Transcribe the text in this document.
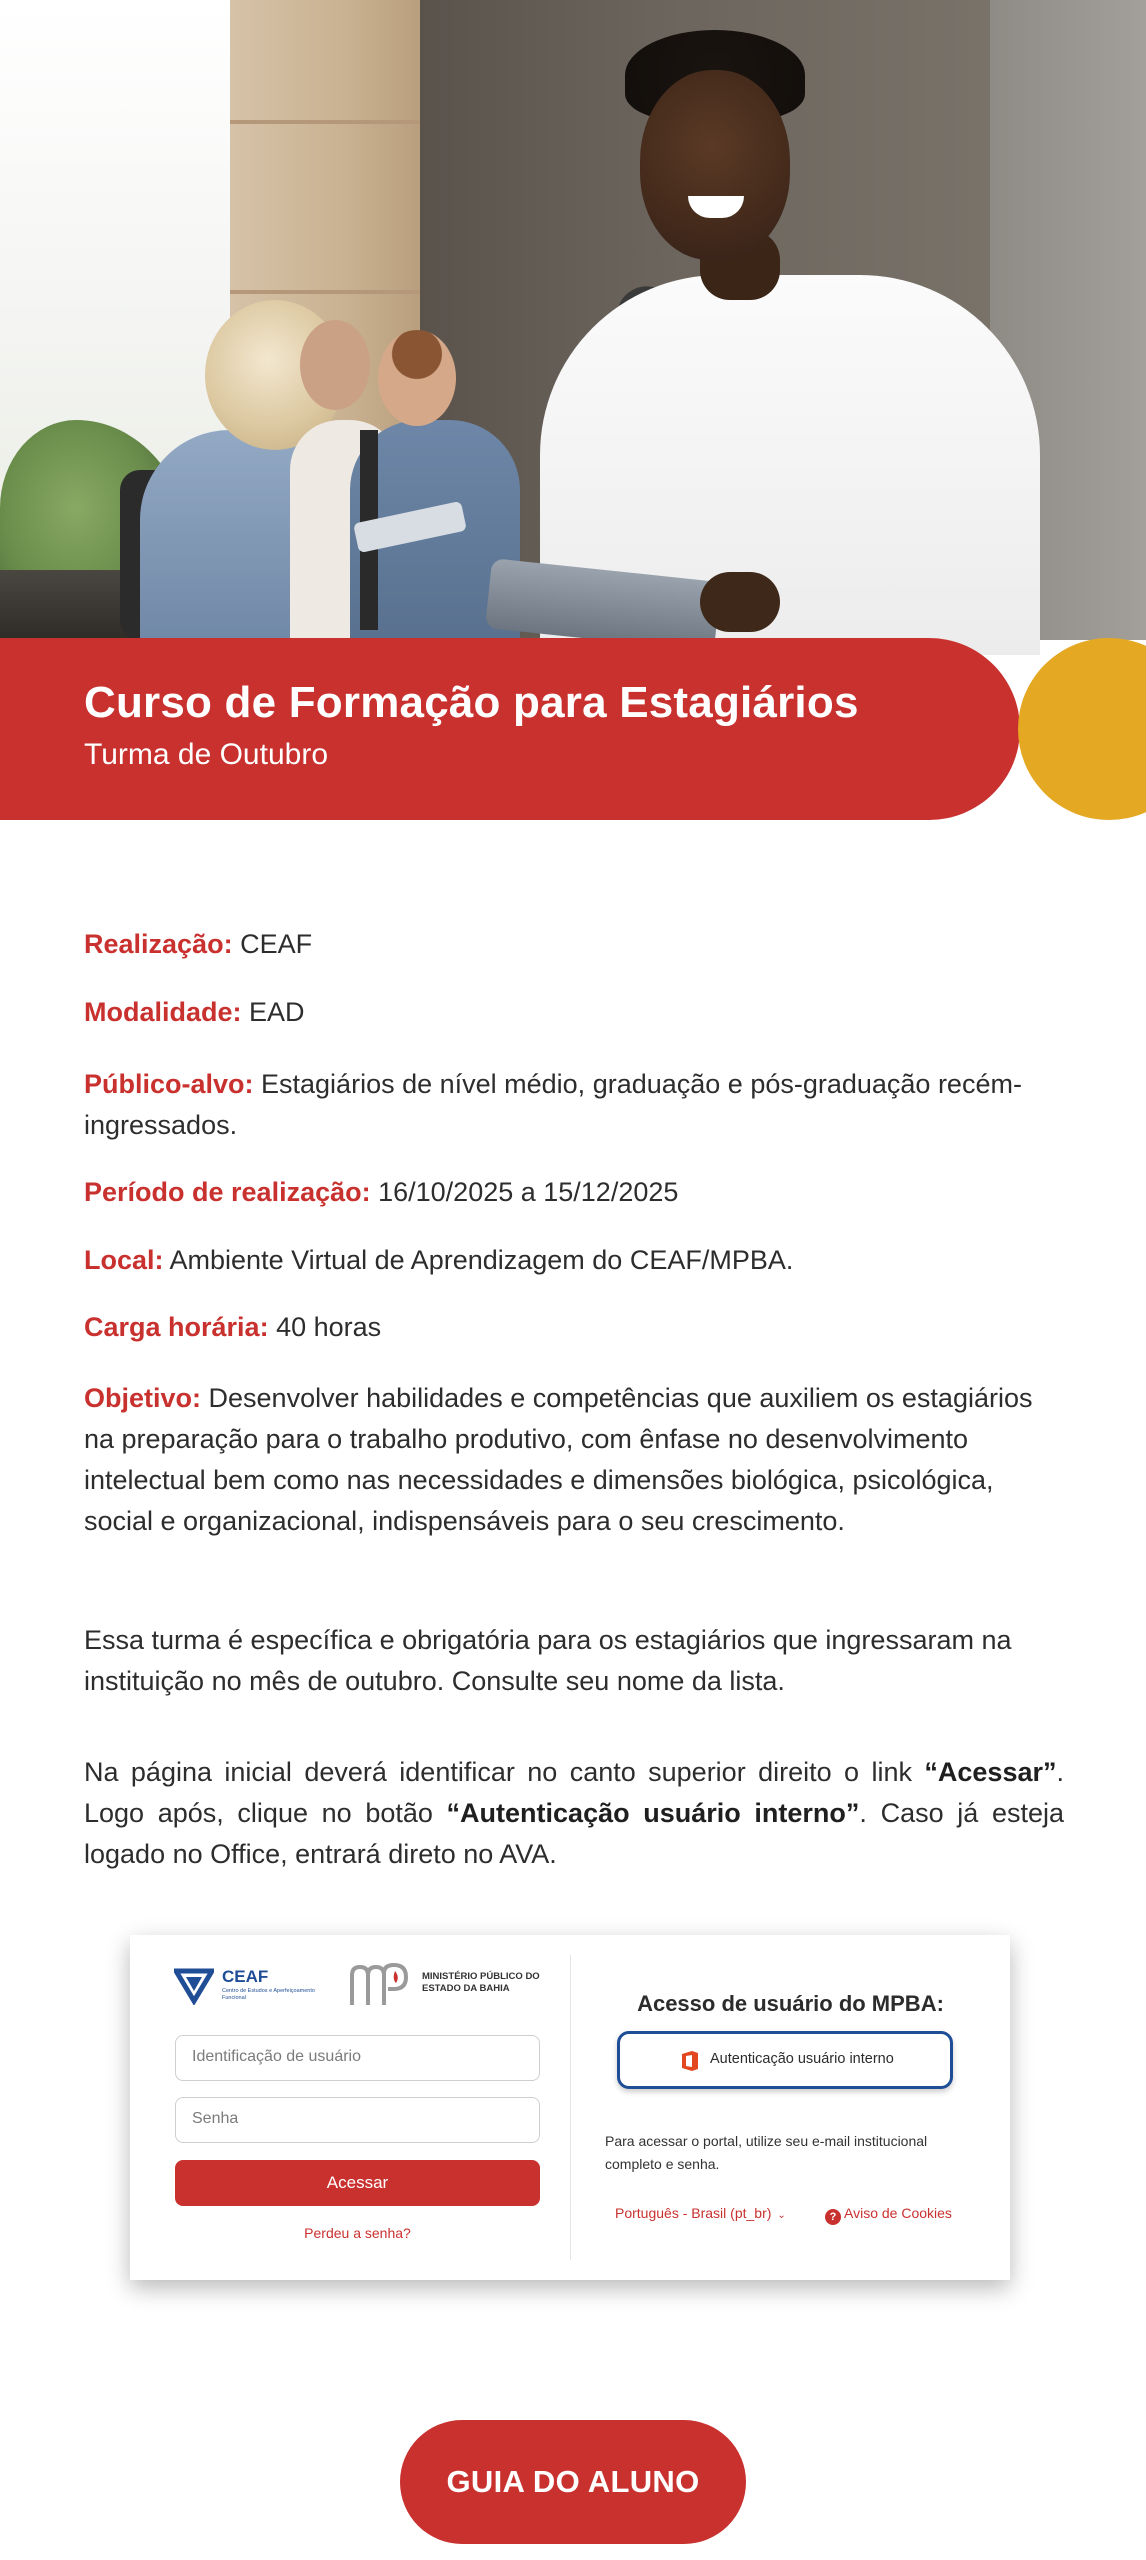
Curso de Formação para Estagiários
Turma de Outubro
Realização: CEAF
Modalidade: EAD
Público-alvo: Estagiários de nível médio, graduação e pós-graduação recém-ingressados.
Período de realização: 16/10/2025 a 15/12/2025
Local: Ambiente Virtual de Aprendizagem do CEAF/MPBA.
Carga horária: 40 horas
Objetivo: Desenvolver habilidades e competências que auxiliem os estagiários na preparação para o trabalho produtivo, com ênfase no desenvolvimento intelectual bem como nas necessidades e dimensões biológica, psicológica, social e organizacional, indispensáveis para o seu crescimento.
Essa turma é específica e obrigatória para os estagiários que ingressaram na instituição no mês de outubro. Consulte seu nome da lista.
Na página inicial deverá identificar no canto superior direito o link “Acessar”. Logo após, clique no botão “Autenticação usuário interno”. Caso já esteja logado no Office, entrará direto no AVA.
CEAF
Centro de Estudos e Aperfeiçoamento Funcional
MINISTÉRIO PÚBLICO DO ESTADO DA BAHIA
Identificação de usuário
Senha
Acessar
Perdeu a senha?
Acesso de usuário do MPBA:
Autenticação usuário interno
Para acessar o portal, utilize seu e-mail institucional completo e senha.
Português - Brasil (pt_br) ⌄	? Aviso de Cookies
GUIA DO ALUNO
